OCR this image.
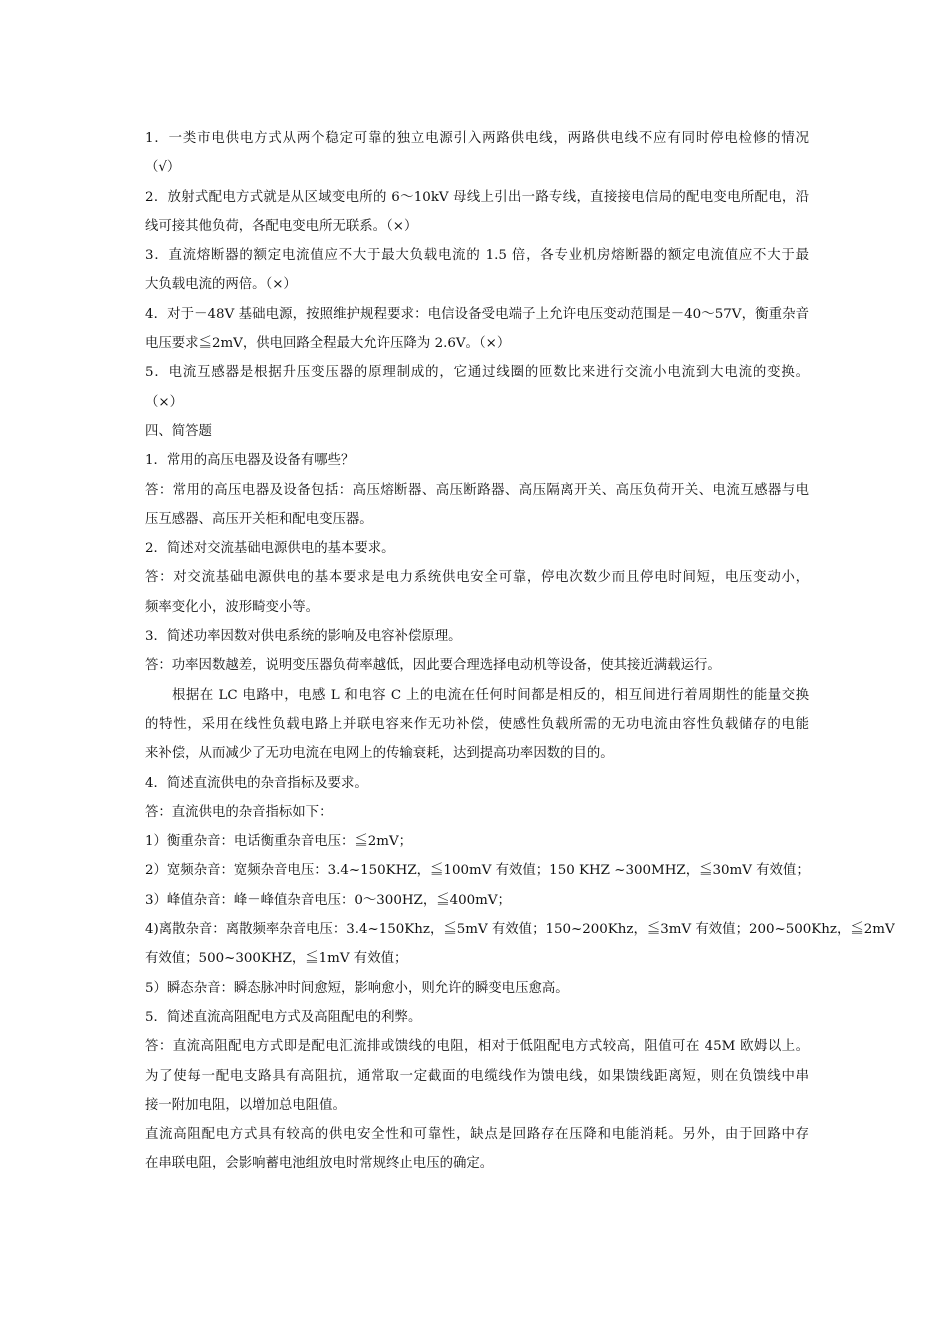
1．一类市电供电方式从两个稳定可靠的独立电源引入两路供电线，两路供电线不应有同时停电检修的情况
（√）
2．放射式配电方式就是从区域变电所的 6～10kV 母线上引出一路专线，直接接电信局的配电变电所配电，沿
线可接其他负荷，各配电变电所无联系。（×）
3．直流熔断器的额定电流值应不大于最大负载电流的 1.5 倍，各专业机房熔断器的额定电流值应不大于最
大负载电流的两倍。（×）
4．对于－48V 基础电源，按照维护规程要求：电信设备受电端子上允许电压变动范围是－40～57V，衡重杂音
电压要求≦2mV，供电回路全程最大允许压降为 2.6V。（×）
5．电流互感器是根据升压变压器的原理制成的，它通过线圈的匝数比来进行交流小电流到大电流的变换。
（×）
四、简答题
1．常用的高压电器及设备有哪些？
答：常用的高压电器及设备包括：高压熔断器、高压断路器、高压隔离开关、高压负荷开关、电流互感器与电
压互感器、高压开关柜和配电变压器。
2．简述对交流基础电源供电的基本要求。
答：对交流基础电源供电的基本要求是电力系统供电安全可靠，停电次数少而且停电时间短，电压变动小，
频率变化小，波形畸变小等。
3．简述功率因数对供电系统的影响及电容补偿原理。
答：功率因数越差，说明变压器负荷率越低，因此要合理选择电动机等设备，使其接近满载运行。
根据在 LC 电路中，电感 L 和电容 C 上的电流在任何时间都是相反的，相互间进行着周期性的能量交换
的特性，采用在线性负载电路上并联电容来作无功补偿，使感性负载所需的无功电流由容性负载储存的电能
来补偿，从而减少了无功电流在电网上的传输衰耗，达到提高功率因数的目的。
4．简述直流供电的杂音指标及要求。
答：直流供电的杂音指标如下：
1）衡重杂音：电话衡重杂音电压：≦2mV；
2）宽频杂音：宽频杂音电压：3.4~150KHZ，≦100mV 有效值；150 KHZ ~300MHZ，≦30mV 有效值；
3）峰值杂音：峰－峰值杂音电压：0～300HZ，≦400mV；
4)离散杂音：离散频率杂音电压：3.4~150Khz，≦5mV 有效值；150~200Khz，≦3mV 有效值；200~500Khz，≦2mV
有效值；500~300KHZ，≦1mV 有效值；
5）瞬态杂音：瞬态脉冲时间愈短，影响愈小，则允许的瞬变电压愈高。
5．简述直流高阻配电方式及高阻配电的利弊。
答：直流高阻配电方式即是配电汇流排或馈线的电阻，相对于低阻配电方式较高，阻值可在 45M 欧姆以上。
为了使每一配电支路具有高阻抗，通常取一定截面的电缆线作为馈电线，如果馈线距离短，则在负馈线中串
接一附加电阻，以增加总电阻值。
直流高阻配电方式具有较高的供电安全性和可靠性，缺点是回路存在压降和电能消耗。另外，由于回路中存
在串联电阻，会影响蓄电池组放电时常规终止电压的确定。
